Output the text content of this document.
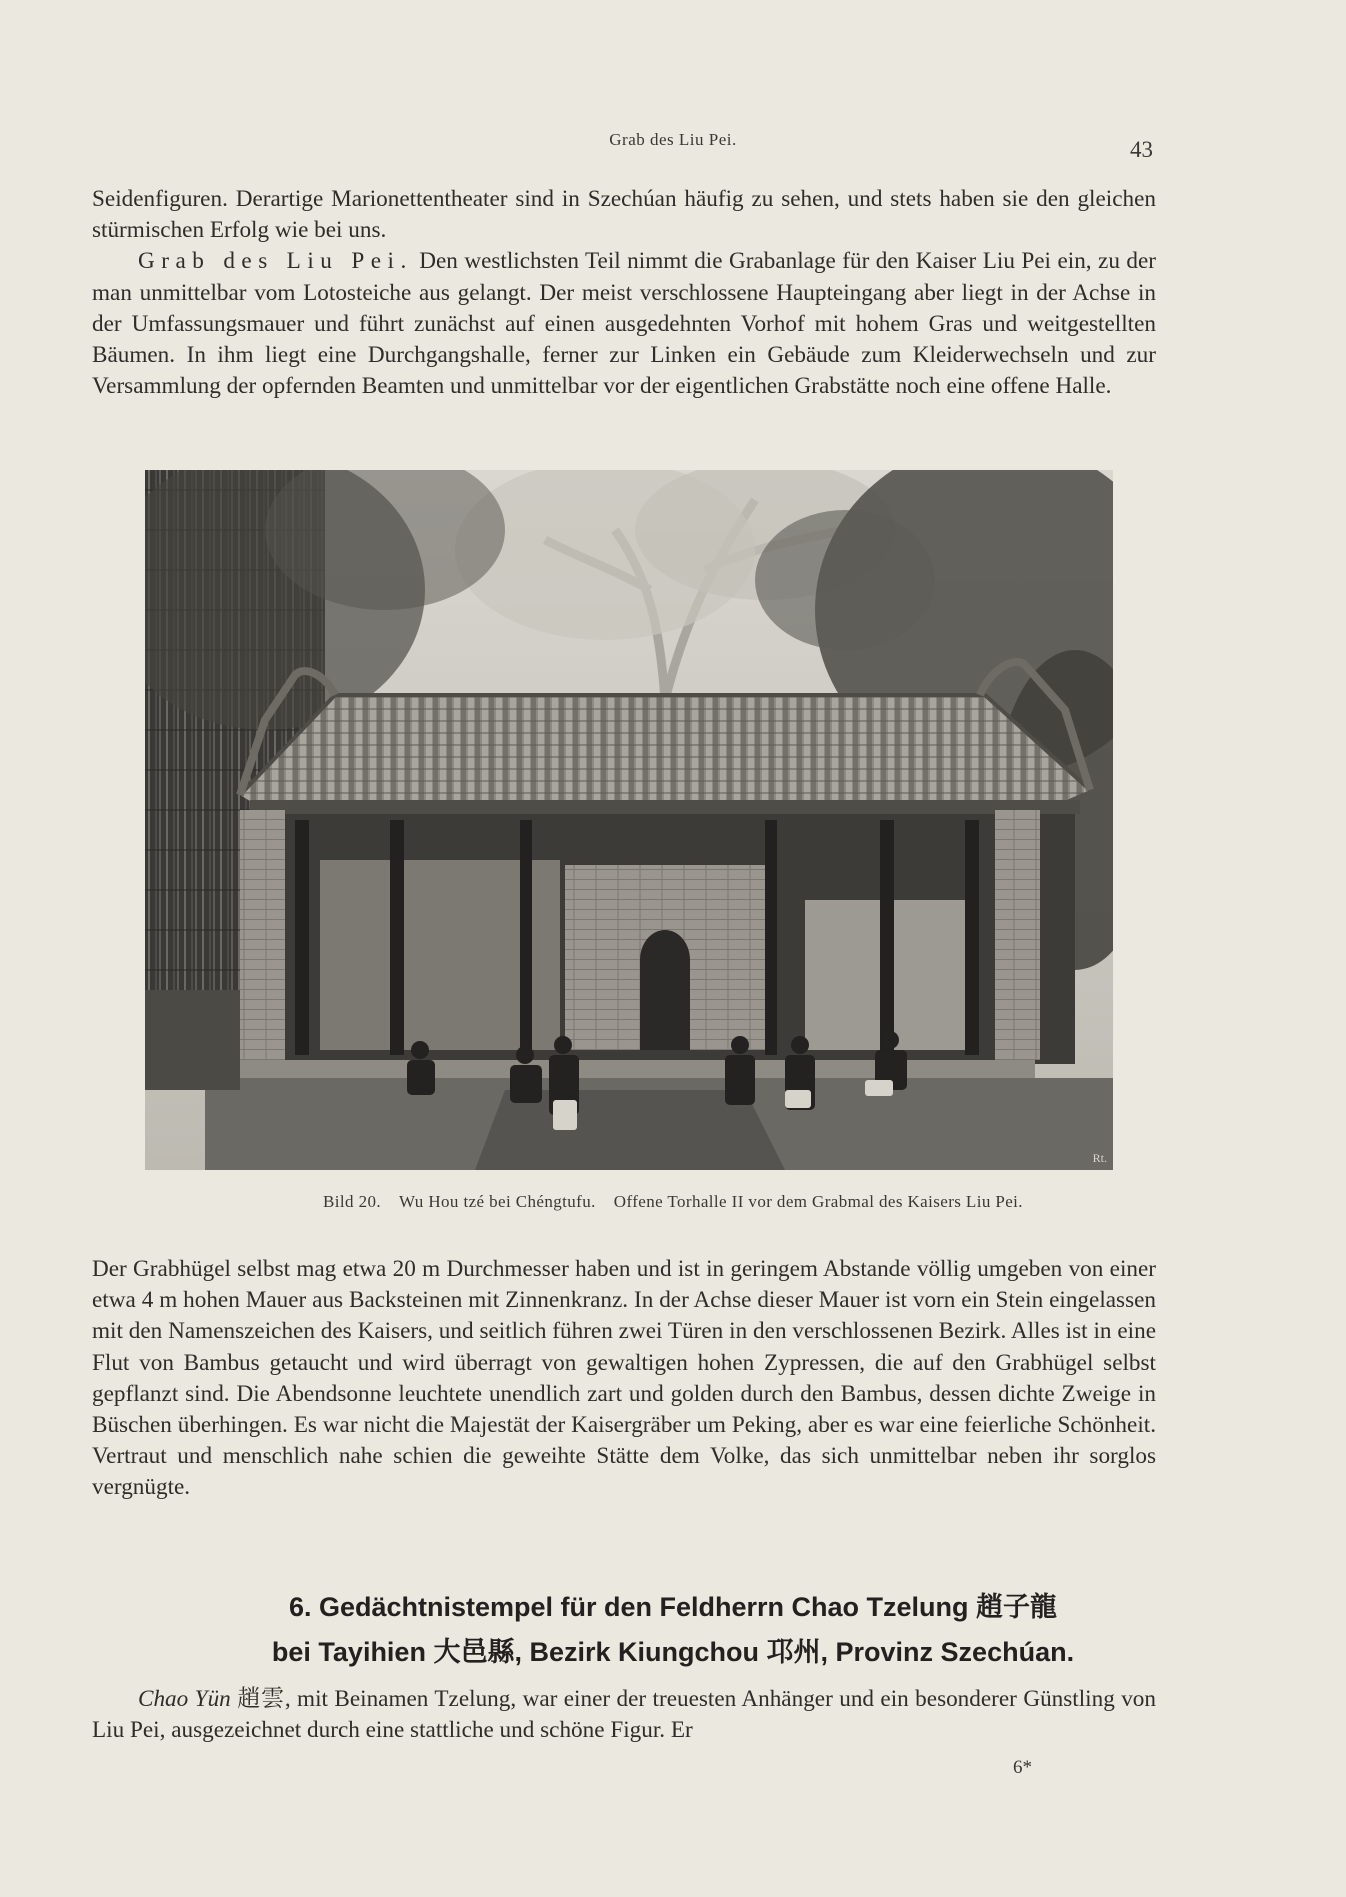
Grab des Liu Pei.	43

Seidenfiguren. Derartige Marionettentheater sind in Szechúan häufig zu sehen, und stets haben sie den gleichen stürmischen Erfolg wie bei uns.

Grab des Liu Pei. Den westlichsten Teil nimmt die Grabanlage für den Kaiser Liu Pei ein, zu der man unmittelbar vom Lotosteiche aus gelangt. Der meist verschlossene Haupteingang aber liegt in der Achse in der Umfassungsmauer und führt zunächst auf einen ausgedehnten Vorhof mit hohem Gras und weitgestellten Bäumen. In ihm liegt eine Durchgangshalle, ferner zur Linken ein Gebäude zum Kleiderwechseln und zur Versammlung der opfernden Beamten und unmittelbar vor der eigentlichen Grabstätte noch eine offene Halle.

Rt.
Bild 20. Wu Hou tzé bei Chéngtufu. Offene Torhalle II vor dem Grabmal des Kaisers Liu Pei.

Der Grabhügel selbst mag etwa 20 m Durchmesser haben und ist in geringem Abstande völlig umgeben von einer etwa 4 m hohen Mauer aus Backsteinen mit Zinnenkranz. In der Achse dieser Mauer ist vorn ein Stein eingelassen mit den Namenszeichen des Kaisers, und seitlich führen zwei Türen in den verschlossenen Bezirk. Alles ist in eine Flut von Bambus getaucht und wird überragt von gewaltigen hohen Zypressen, die auf den Grabhügel selbst gepflanzt sind. Die Abendsonne leuchtete unendlich zart und golden durch den Bambus, dessen dichte Zweige in Büschen überhingen. Es war nicht die Majestät der Kaisergräber um Peking, aber es war eine feierliche Schönheit. Vertraut und menschlich nahe schien die geweihte Stätte dem Volke, das sich unmittelbar neben ihr sorglos vergnügte.

6. Gedächtnistempel für den Feldherrn Chao Tzelung 趙子龍
bei Tayihien 大邑縣, Bezirk Kiungchou 邛州, Provinz Szechúan.

Chao Yün 趙雲, mit Beinamen Tzelung, war einer der treuesten Anhänger und ein besonderer Günstling von Liu Pei, ausgezeichnet durch eine stattliche und schöne Figur. Er

6*
